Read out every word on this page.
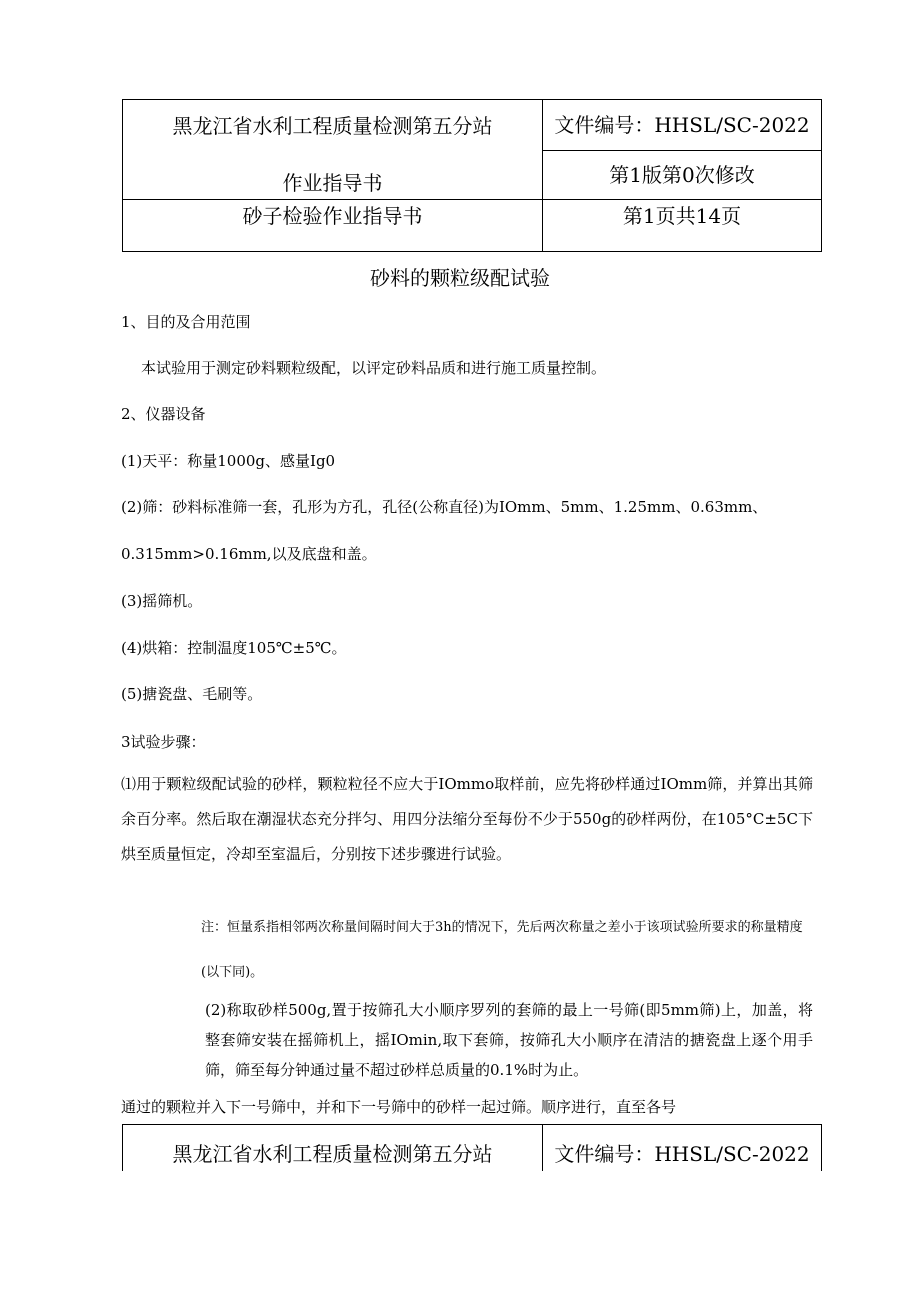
黑龙江省水利工程质量检测第五分站
作业指导书	文件编号：HHSL/SC-2022
	第1版第0次修改
砂子检验作业指导书	第1页共14页
砂料的颗粒级配试验
1、目的及合用范围
本试验用于测定砂料颗粒级配，以评定砂料品质和进行施工质量控制。
2、仪器设备
(1)天平：称量1000g、感量Ig0
(2)筛：砂料标准筛一套，孔形为方孔，孔径(公称直径)为IOmm、5mm、1.25mm、0.63mm、
0.315mm>0.16mm,以及底盘和盖。
(3)摇筛机。
(4)烘箱：控制温度105℃±5℃。
(5)搪瓷盘、毛刷等。
3试验步骤：
⑴用于颗粒级配试验的砂样，颗粒粒径不应大于IOmmo取样前，应先将砂样通过IOmm筛，并算出其筛余百分率。然后取在潮湿状态充分拌匀、用四分法缩分至每份不少于550g的砂样两份，在105°C±5C下烘至质量恒定，冷却至室温后，分别按下述步骤进行试验。
注：恒量系指相邻两次称量间隔时间大于3h的情况下，先后两次称量之差小于该项试验所要求的称量精度(以下同)。
(2)称取砂样500g,置于按筛孔大小顺序罗列的套筛的最上一号筛(即5mm筛)上，加盖，将整套筛安装在摇筛机上，摇IOmin,取下套筛，按筛孔大小顺序在清洁的搪瓷盘上逐个用手筛，筛至每分钟通过量不超过砂样总质量的0.1%时为止。
通过的颗粒并入下一号筛中，并和下一号筛中的砂样一起过筛。顺序进行，直至各号
黑龙江省水利工程质量检测第五分站	文件编号：HHSL/SC-2022
